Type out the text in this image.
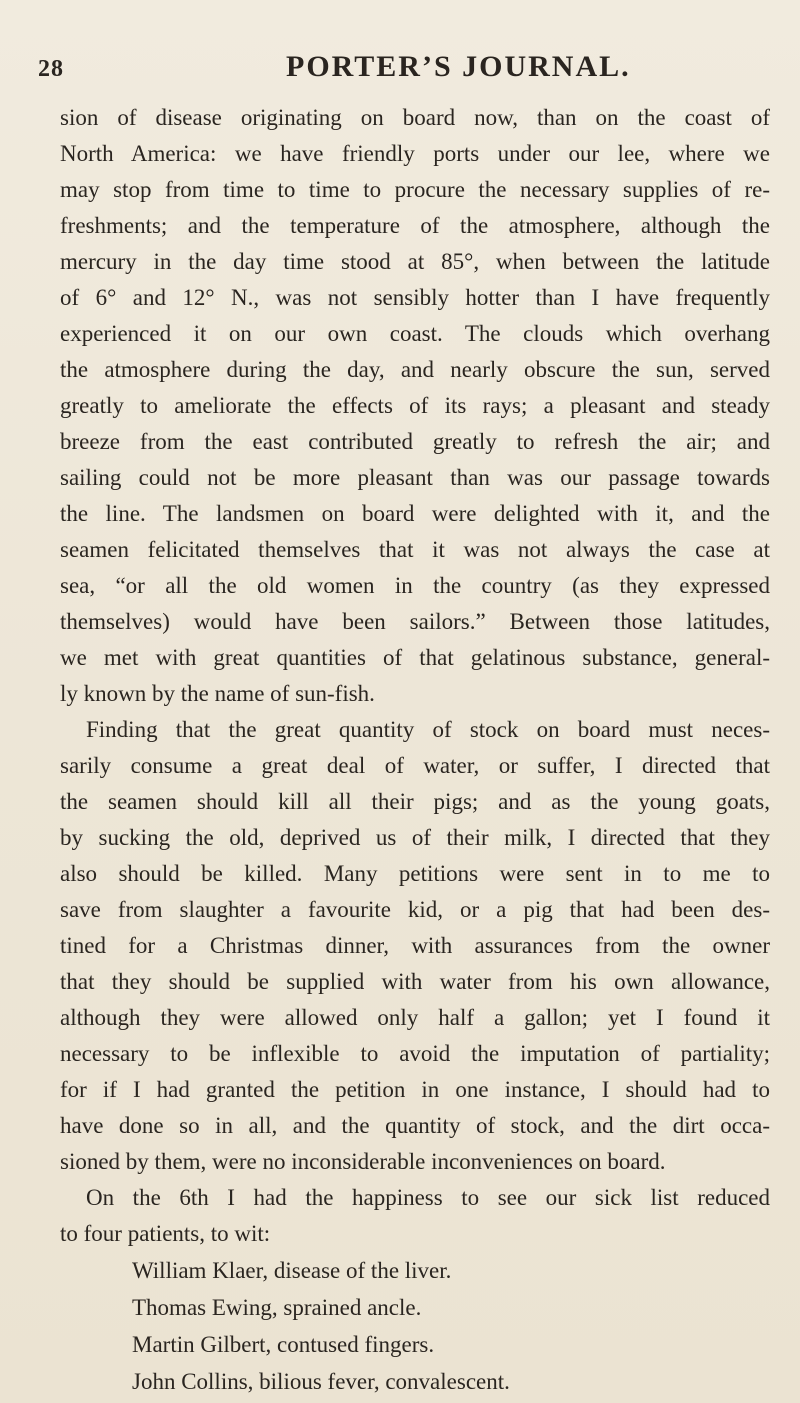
28	PORTER’S JOURNAL.
sion of disease originating on board now, than on the coast of
North America: we have friendly ports under our lee, where we
may stop from time to time to procure the necessary supplies of re-
freshments; and the temperature of the atmosphere, although the
mercury in the day time stood at 85°, when between the latitude
of 6° and 12° N., was not sensibly hotter than I have frequently
experienced it on our own coast. The clouds which overhang
the atmosphere during the day, and nearly obscure the sun, served
greatly to ameliorate the effects of its rays; a pleasant and steady
breeze from the east contributed greatly to refresh the air; and
sailing could not be more pleasant than was our passage towards
the line. The landsmen on board were delighted with it, and the
seamen felicitated themselves that it was not always the case at
sea, “or all the old women in the country (as they expressed
themselves) would have been sailors.” Between those latitudes,
we met with great quantities of that gelatinous substance, general-
ly known by the name of sun-fish.
Finding that the great quantity of stock on board must neces-
sarily consume a great deal of water, or suffer, I directed that
the seamen should kill all their pigs; and as the young goats,
by sucking the old, deprived us of their milk, I directed that they
also should be killed. Many petitions were sent in to me to
save from slaughter a favourite kid, or a pig that had been des-
tined for a Christmas dinner, with assurances from the owner
that they should be supplied with water from his own allowance,
although they were allowed only half a gallon; yet I found it
necessary to be inflexible to avoid the imputation of partiality;
for if I had granted the petition in one instance, I should had to
have done so in all, and the quantity of stock, and the dirt occa-
sioned by them, were no inconsiderable inconveniences on board.
On the 6th I had the happiness to see our sick list reduced
to four patients, to wit:
William Klaer, disease of the liver.
Thomas Ewing, sprained ancle.
Martin Gilbert, contused fingers.
John Collins, bilious fever, convalescent.
